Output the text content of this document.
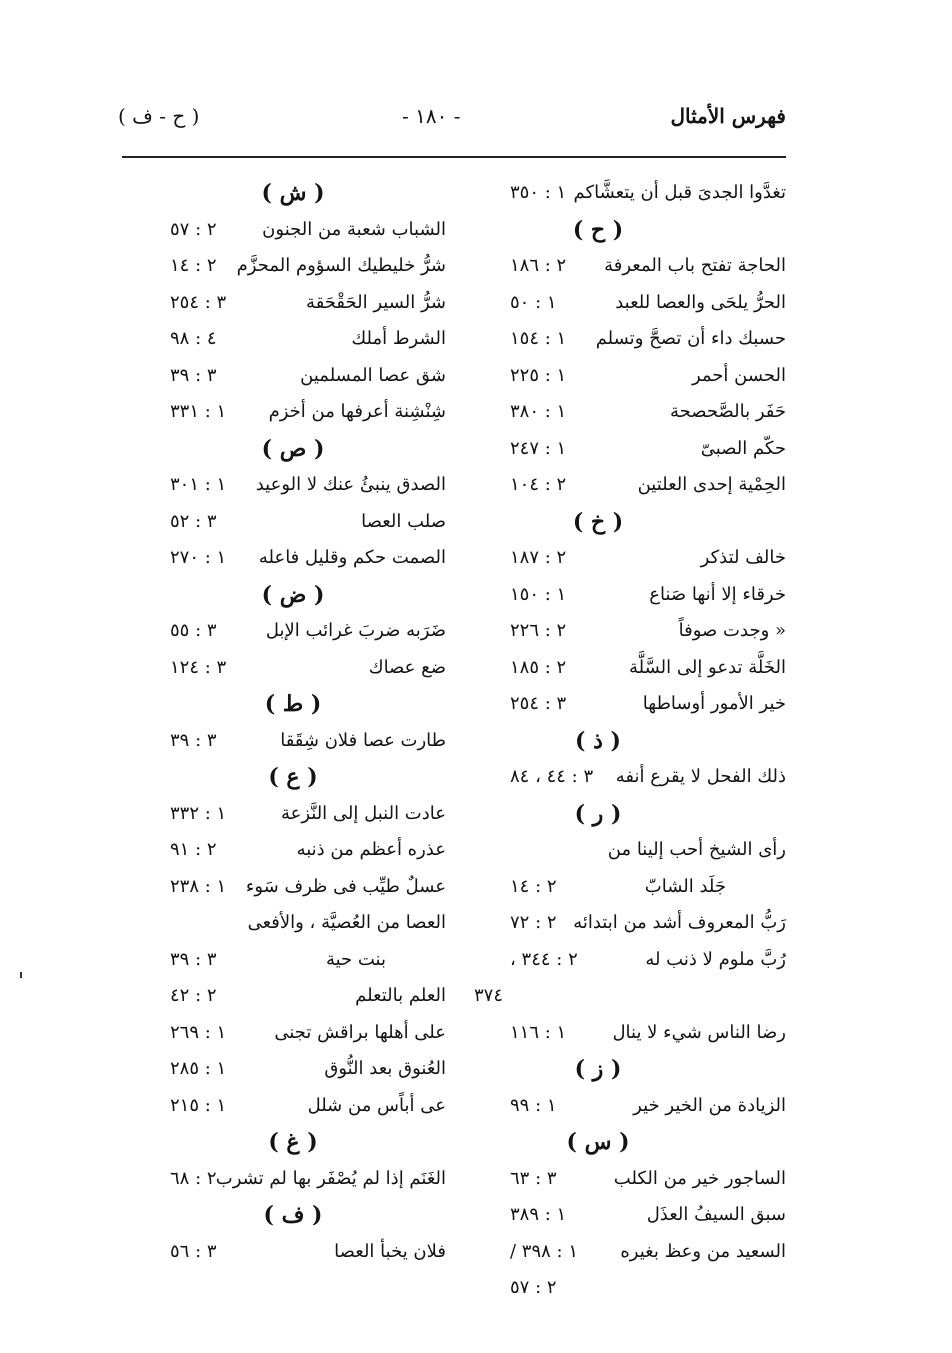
فهرس الأمثال
- ١٨٠ -
( ح - ف )
تغدَّوا الجدىَ قبل أن يتعشَّاكم
١ : ٣٥٠
( ح )
الحاجة تفتح باب المعرفة
٢ : ١٨٦
الحرُّ يلحَى والعصا للعبد
١ : ٥٠
حسبك داء أن تصحَّ وتسلم
١ : ١٥٤
الحسن أحمر
١ : ٢٢٥
حَفَر بالصَّحصحة
١ : ٣٨٠
حكّم الصبىّ
١ : ٢٤٧
الحِمْية إحدى العلتين
٢ : ١٠٤
( خ )
خالف لتذكر
٢ : ١٨٧
خرقاء إلا أنها صَناع
١ : ١٥٠
« وجدت صوفاً
٢ : ٢٢٦
الخَلَّة تدعو إلى السَّلَّة
٢ : ١٨٥
خير الأمور أوساطها
٣ : ٢٥٤
( ذ )
ذلك الفحل لا يقرع أنفه
٣ : ٤٤ ، ٨٤
( ر )
رأى الشيخ أحب إلينا من
جَلَد الشابّ
٢ : ١٤
رَبُّ المعروف أشد من ابتدائه
٢ : ٧٢
رُبَّ ملوم لا ذنب له
٢ : ٣٤٤ ،
٣٧٤
رضا الناس شيء لا ينال
١ : ١١٦
( ز )
الزيادة من الخير خير
١ : ٩٩
( س )
الساجور خير من الكلب
٣ : ٦٣
سبق السيفُ العذَل
١ : ٣٨٩
السعيد من وعظ بغيره
١ : ٣٩٨ /
٢ : ٥٧
( ش )
الشباب شعبة من الجنون
٢ : ٥٧
شرُّ خليطيك السؤوم المحزَّم
٢ : ١٤
شرُّ السير الحَقْحَقة
٣ : ٢٥٤
الشرط أملك
٤ : ٩٨
شق عصا المسلمين
٣ : ٣٩
شِنْشِنة أعرفها من أخزم
١ : ٣٣١
( ص )
الصدق ينبئُ عنك لا الوعيد
١ : ٣٠١
صلب العصا
٣ : ٥٢
الصمت حكم وقليل فاعله
١ : ٢٧٠
( ض )
ضَرَبه ضربَ غرائب الإبل
٣ : ٥٥
ضع عصاك
٣ : ١٢٤
( ط )
طارت عصا فلان شِقَقا
٣ : ٣٩
( ع )
عادت النبل إلى النَّزعة
١ : ٣٣٢
عذره أعظم من ذنبه
٢ : ٩١
عسلٌ طيِّب فى ظرف سَوء
١ : ٢٣٨
العصا من العُصيَّة ، والأفعى
بنت حية
٣ : ٣٩
العلم بالتعلم
٢ : ٤٢
على أهلها براقش تجنى
١ : ٢٦٩
العُنوق بعد النُّوق
١ : ٢٨٥
عى أباًس من شلل
١ : ٢١٥
( غ )
الغَنَم إذا لم يُصْفَر بها لم تشرب
٢ : ٦٨
( ف )
فلان يخبأ العصا
٣ : ٥٦
